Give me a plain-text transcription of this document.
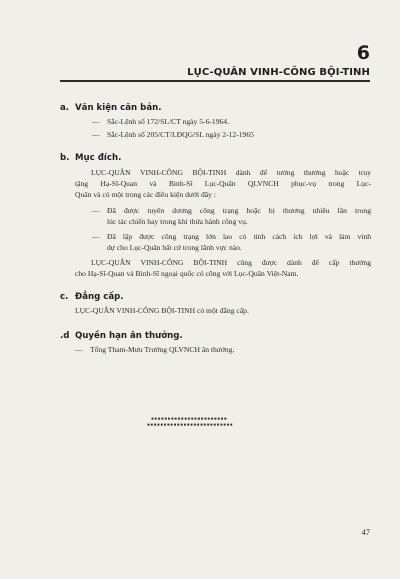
6
LỤC-QUÂN VINH-CÔNG BỘI-TINH
a. Văn kiện căn bản.
— Sắc-Lệnh số 172/SL/CT ngày 5-6-1964.
— Sắc-Lệnh số 205/CT/LĐQG/SL ngày 2-12-1965
b. Mục đích.
LỤC-QUÂN VINH-CÔNG BỘI-TINH dành để tưởng thưởng hoặc truy
tặng Hạ-Sĩ-Quan và Binh-Sĩ Lục-Quân QLVNCH phục-vụ trong Lục-
Quân và có một trong các điều kiện dưới đây :
— Đã được tuyên dương công trạng hoặc bị thương nhiều lần trong
lúc tác chiến hay trong khi thừa hành công vụ.
— Đã lập được công trạng lớn lao có tính cách ích lợi và làm vinh
dự cho Lục-Quân bất cứ trong lãnh vực nào.
LỤC-QUÂN VINH-CÔNG BỘI-TINH cũng được dành để cấp thưởng
cho Hạ-Sĩ-Quan và Binh-Sĩ ngoại quốc có công với Lục-Quân Việt-Nam.
c. Đẳng cấp.
LỤC-QUÂN VINH-CÔNG BỘI-TINH có một đẳng cấp.
.d Quyền hạn ân thưởng.
— Tổng Tham-Mưu Trưởng QLVNCH ân thưởng.
▪▪▪▪▪▪▪▪▪▪▪▪▪▪▪▪▪▪▪▪▪▪▪
▪▪▪▪▪▪▪▪▪▪▪▪▪▪▪▪▪▪▪▪▪▪▪▪▪▪
47
